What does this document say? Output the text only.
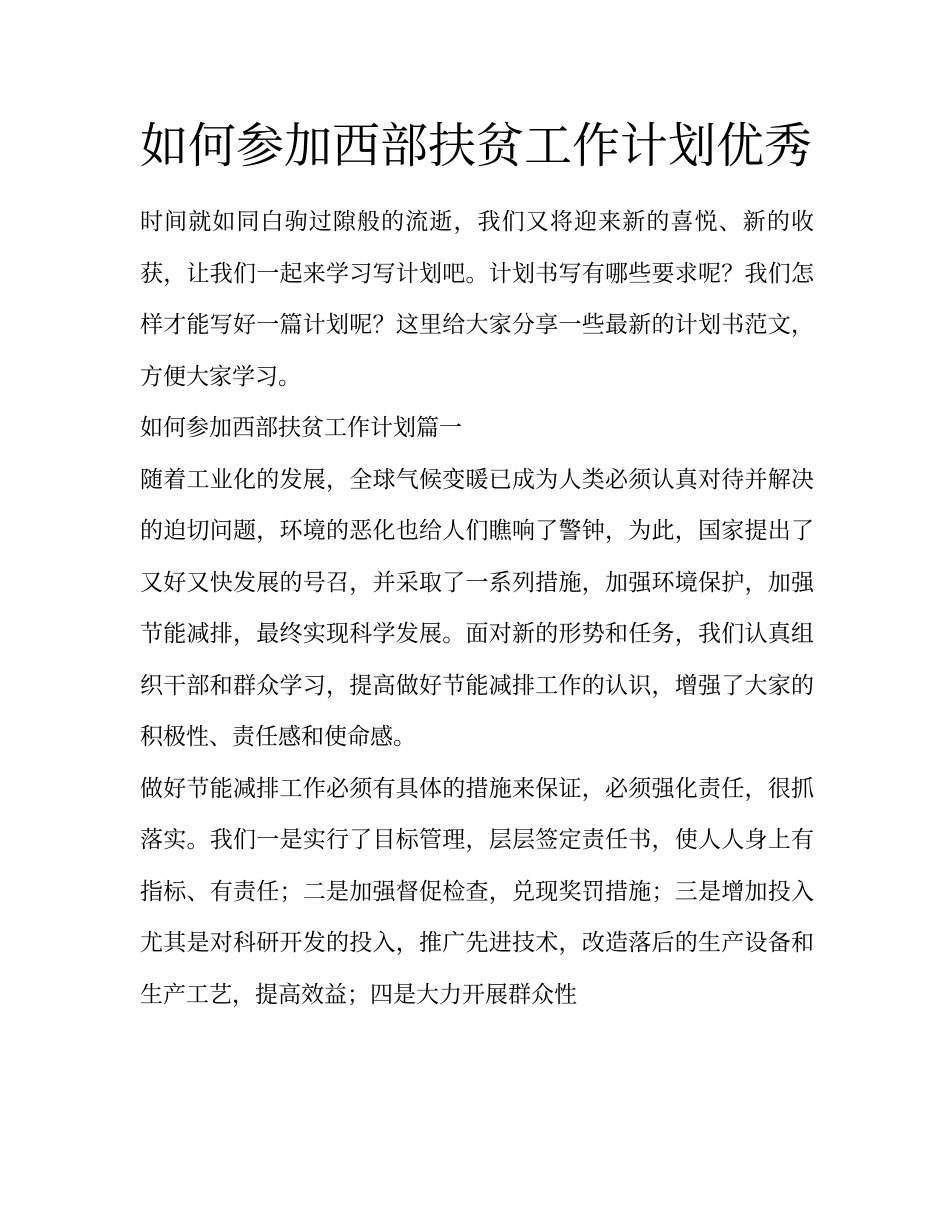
如何参加西部扶贫工作计划优秀

时间就如同白驹过隙般的流逝，我们又将迎来新的喜悦、新的收获，让我们一起来学习写计划吧。计划书写有哪些要求呢？我们怎样才能写好一篇计划呢？这里给大家分享一些最新的计划书范文，方便大家学习。

如何参加西部扶贫工作计划篇一

随着工业化的发展，全球气候变暖已成为人类必须认真对待并解决的迫切问题，环境的恶化也给人们瞧响了警钟，为此，国家提出了又好又快发展的号召，并采取了一系列措施，加强环境保护，加强节能减排，最终实现科学发展。面对新的形势和任务，我们认真组织干部和群众学习，提高做好节能减排工作的认识，增强了大家的积极性、责任感和使命感。

做好节能减排工作必须有具体的措施来保证，必须强化责任，很抓落实。我们一是实行了目标管理，层层签定责任书，使人人身上有指标、有责任；二是加强督促检查，兑现奖罚措施；三是增加投入尤其是对科研开发的投入，推广先进技术，改造落后的生产设备和生产工艺，提高效益；四是大力开展群众性
